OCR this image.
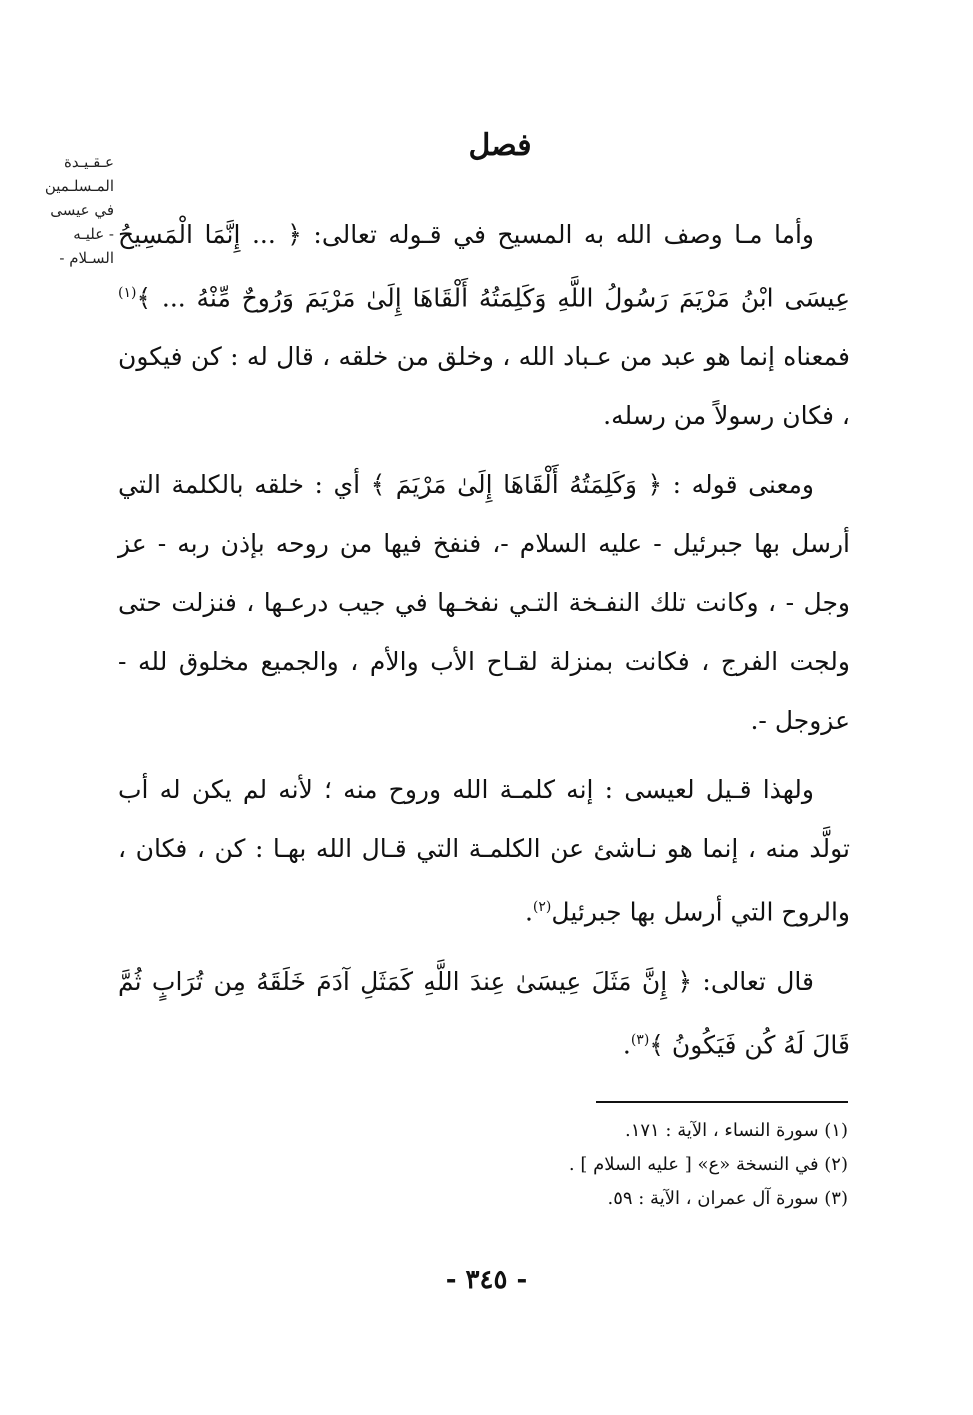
فصل
عـقـيـدة
المـسلـمين
في عيسى
- عليـه
السـلام -

وأما مـا وصف الله به المسيح في قـوله تعالى: ﴿ ... إِنَّمَا الْمَسِيحُ عِيسَى ابْنُ مَرْيَمَ رَسُولُ اللَّهِ وَكَلِمَتُهُ أَلْقَاهَا إِلَىٰ مَرْيَمَ وَرُوحٌ مِّنْهُ ... ﴾$^{(١)}$ فمعناه إنما هو عبد من عـباد الله ، وخلق من خلقه ، قال له : كن فيكون ، فكان رسولاً من رسله.

ومعنى قوله : ﴿ وَكَلِمَتُهُ أَلْقَاهَا إِلَىٰ مَرْيَمَ ﴾ أي : خلقه بالكلمة التي أرسل بها جبرئيل - عليه السلام -، فنفخ فيها من روحه بإذن ربه - عز وجل - ، وكانت تلك النفـخة التـي نفخـها في جيب درعـها ، فنزلت حتى ولجت الفرج ، فكانت بمنزلة لقـاح الأب والأم ، والجميع مخلوق لله - عزوجل -.

ولهذا قـيل لعيسى : إنه كلمـة الله وروح منه ؛ لأنه لم يكن له أب تولَّد منه ، إنما هو نـاشئ عن الكلمـة التي قـال الله بهـا : كن ، فكان ، والروح التي أرسل بها جبرئيل$^{(٢)}$.

قال تعالى: ﴿ إِنَّ مَثَلَ عِيسَىٰ عِندَ اللَّهِ كَمَثَلِ آدَمَ خَلَقَهُ مِن تُرَابٍ ثُمَّ قَالَ لَهُ كُن فَيَكُونُ ﴾$^{(٣)}$.

(١) سورة النساء ، الآية : ١٧١.
(٢) في النسخة «ع» [ عليه السلام ] .
(٣) سورة آل عمران ، الآية : ٥٩.
- ٣٤٥ -
